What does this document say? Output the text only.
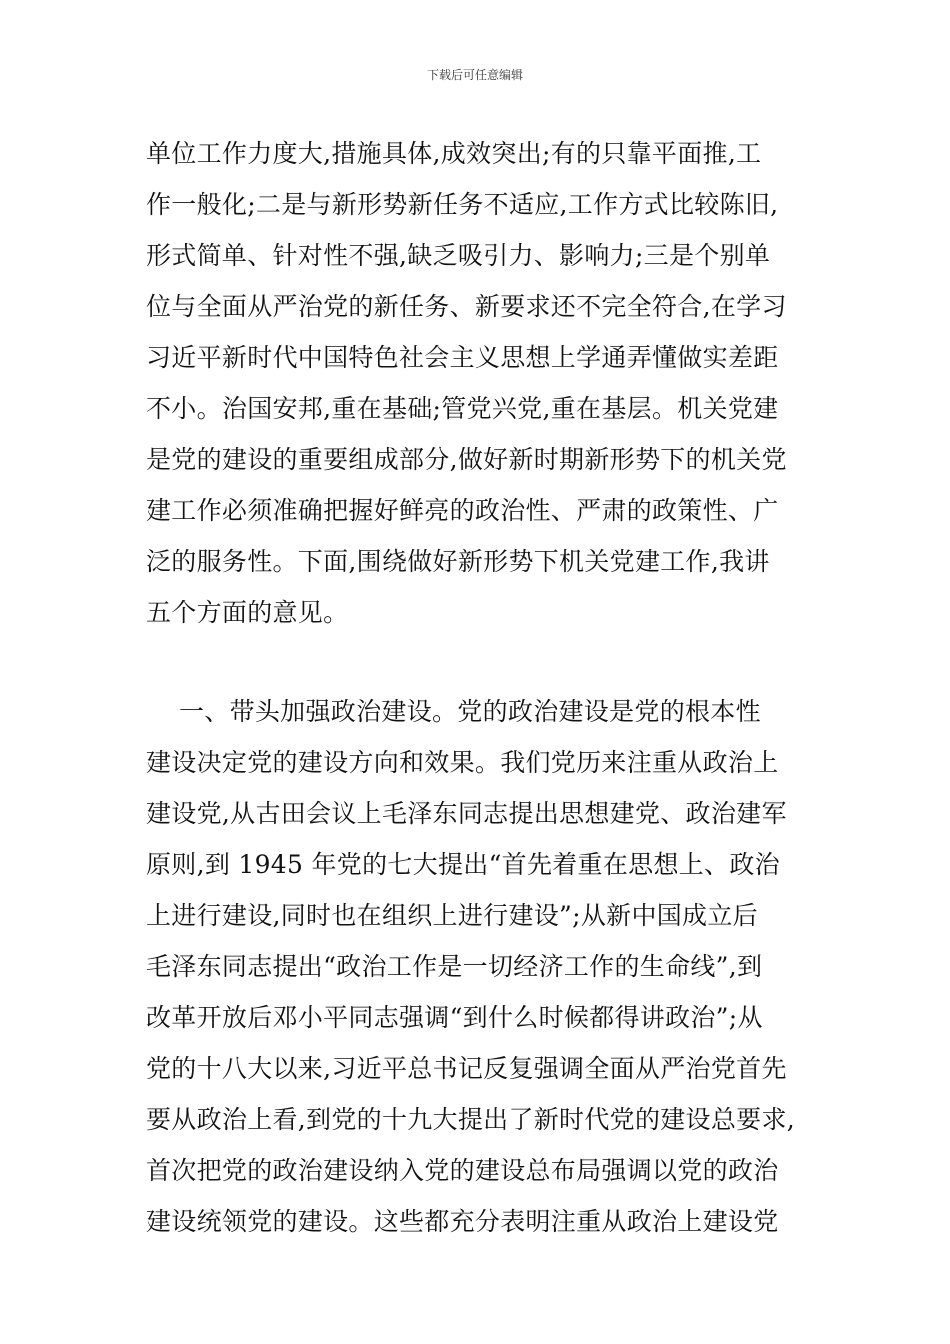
下载后可任意编辑
单位工作力度大,措施具体,成效突出;有的只靠平面推,工
作一般化;二是与新形势新任务不适应,工作方式比较陈旧,
形式简单、针对性不强,缺乏吸引力、影响力;三是个别单
位与全面从严治党的新任务、新要求还不完全符合,在学习
习近平新时代中国特色社会主义思想上学通弄懂做实差距
不小。治国安邦,重在基础;管党兴党,重在基层。机关党建
是党的建设的重要组成部分,做好新时期新形势下的机关党
建工作必须准确把握好鲜亮的政治性、严肃的政策性、广
泛的服务性。下面,围绕做好新形势下机关党建工作,我讲
五个方面的意见。
一、带头加强政治建设。党的政治建设是党的根本性
建设决定党的建设方向和效果。我们党历来注重从政治上
建设党,从古田会议上毛泽东同志提出思想建党、政治建军
原则,到 1945 年党的七大提出“首先着重在思想上、政治
上进行建设,同时也在组织上进行建设”;从新中国成立后
毛泽东同志提出“政治工作是一切经济工作的生命线”,到
改革开放后邓小平同志强调“到什么时候都得讲政治”;从
党的十八大以来,习近平总书记反复强调全面从严治党首先
要从政治上看,到党的十九大提出了新时代党的建设总要求,
首次把党的政治建设纳入党的建设总布局强调以党的政治
建设统领党的建设。这些都充分表明注重从政治上建设党
